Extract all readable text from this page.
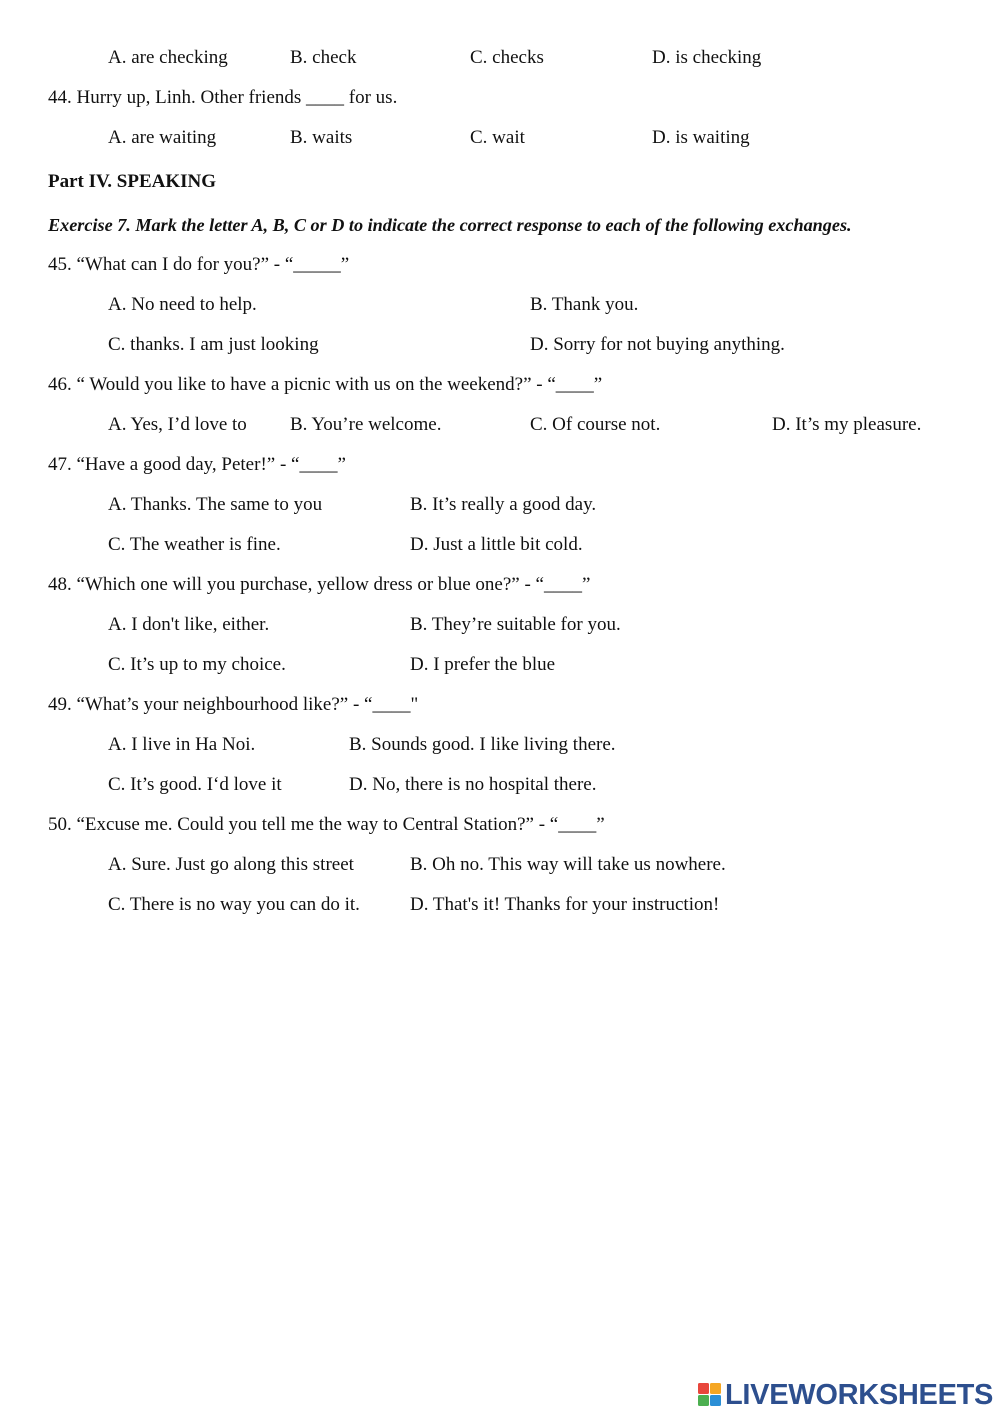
A. are checking	B. check	C. checks	D. is checking
44. Hurry up, Linh. Other friends ____ for us.
A. are waiting	B. waits	C. wait	D. is waiting
Part IV. SPEAKING
Exercise 7. Mark the letter A, B, C or D to indicate the correct response to each of the following exchanges.
45. “What can I do for you?” - “_____”
A. No need to help.	B. Thank you.
C. thanks. I am just looking	D. Sorry for not buying anything.
46. “ Would you like to have a picnic with us on the weekend?” - “____”
A. Yes, I’d love to B. You’re welcome.	C. Of course not.	D. It’s my pleasure.
47. “Have a good day, Peter!” - “____”
A. Thanks. The same to you	B. It’s really a good day.
C. The weather is fine.	D. Just a little bit cold.
48. “Which one will you purchase, yellow dress or blue one?” - “____”
A. I don't like, either.	B. They’re suitable for you.
C. It’s up to my choice.	D. I prefer the blue
49. “What’s your neighbourhood like?” - “____"
A. I live in Ha Noi.	B. Sounds good. I like living there.
C. It’s good. I‘d love it	D. No, there is no hospital there.
50. “Excuse me. Could you tell me the way to Central Station?” - “____”
A. Sure. Just go along this street	B. Oh no. This way will take us nowhere.
C. There is no way you can do it.	D. That's it! Thanks for your instruction!
LIVEWORKSHEETS
